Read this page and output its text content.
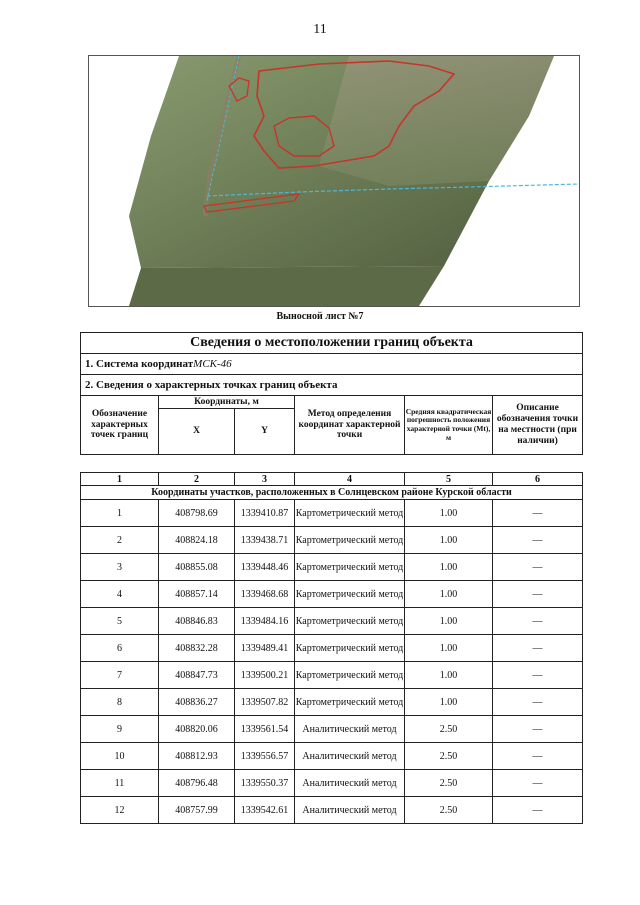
11
Выносной лист №7
Сведения о местоположении границ объекта					
1. Система координатМСК-46					
2. Сведения о характерных точках границ объекта					
Обозначение характерных точек границ	Координаты, м		Метод определения координат характерной точки	Средняя квадратическая погрешность положения характерной точки (Mt), м	Описание обозначения точки на местности (при наличии)
	X	Y			
1	2	3	4	5	6
Координаты участков, расположенных в Солнцевском районе Курской области					
1	408798.69	1339410.87	Картометрический метод	1.00	—
2	408824.18	1339438.71	Картометрический метод	1.00	—
3	408855.08	1339448.46	Картометрический метод	1.00	—
4	408857.14	1339468.68	Картометрический метод	1.00	—
5	408846.83	1339484.16	Картометрический метод	1.00	—
6	408832.28	1339489.41	Картометрический метод	1.00	—
7	408847.73	1339500.21	Картометрический метод	1.00	—
8	408836.27	1339507.82	Картометрический метод	1.00	—
9	408820.06	1339561.54	Аналитический метод	2.50	—
10	408812.93	1339556.57	Аналитический метод	2.50	—
11	408796.48	1339550.37	Аналитический метод	2.50	—
12	408757.99	1339542.61	Аналитический метод	2.50	—
